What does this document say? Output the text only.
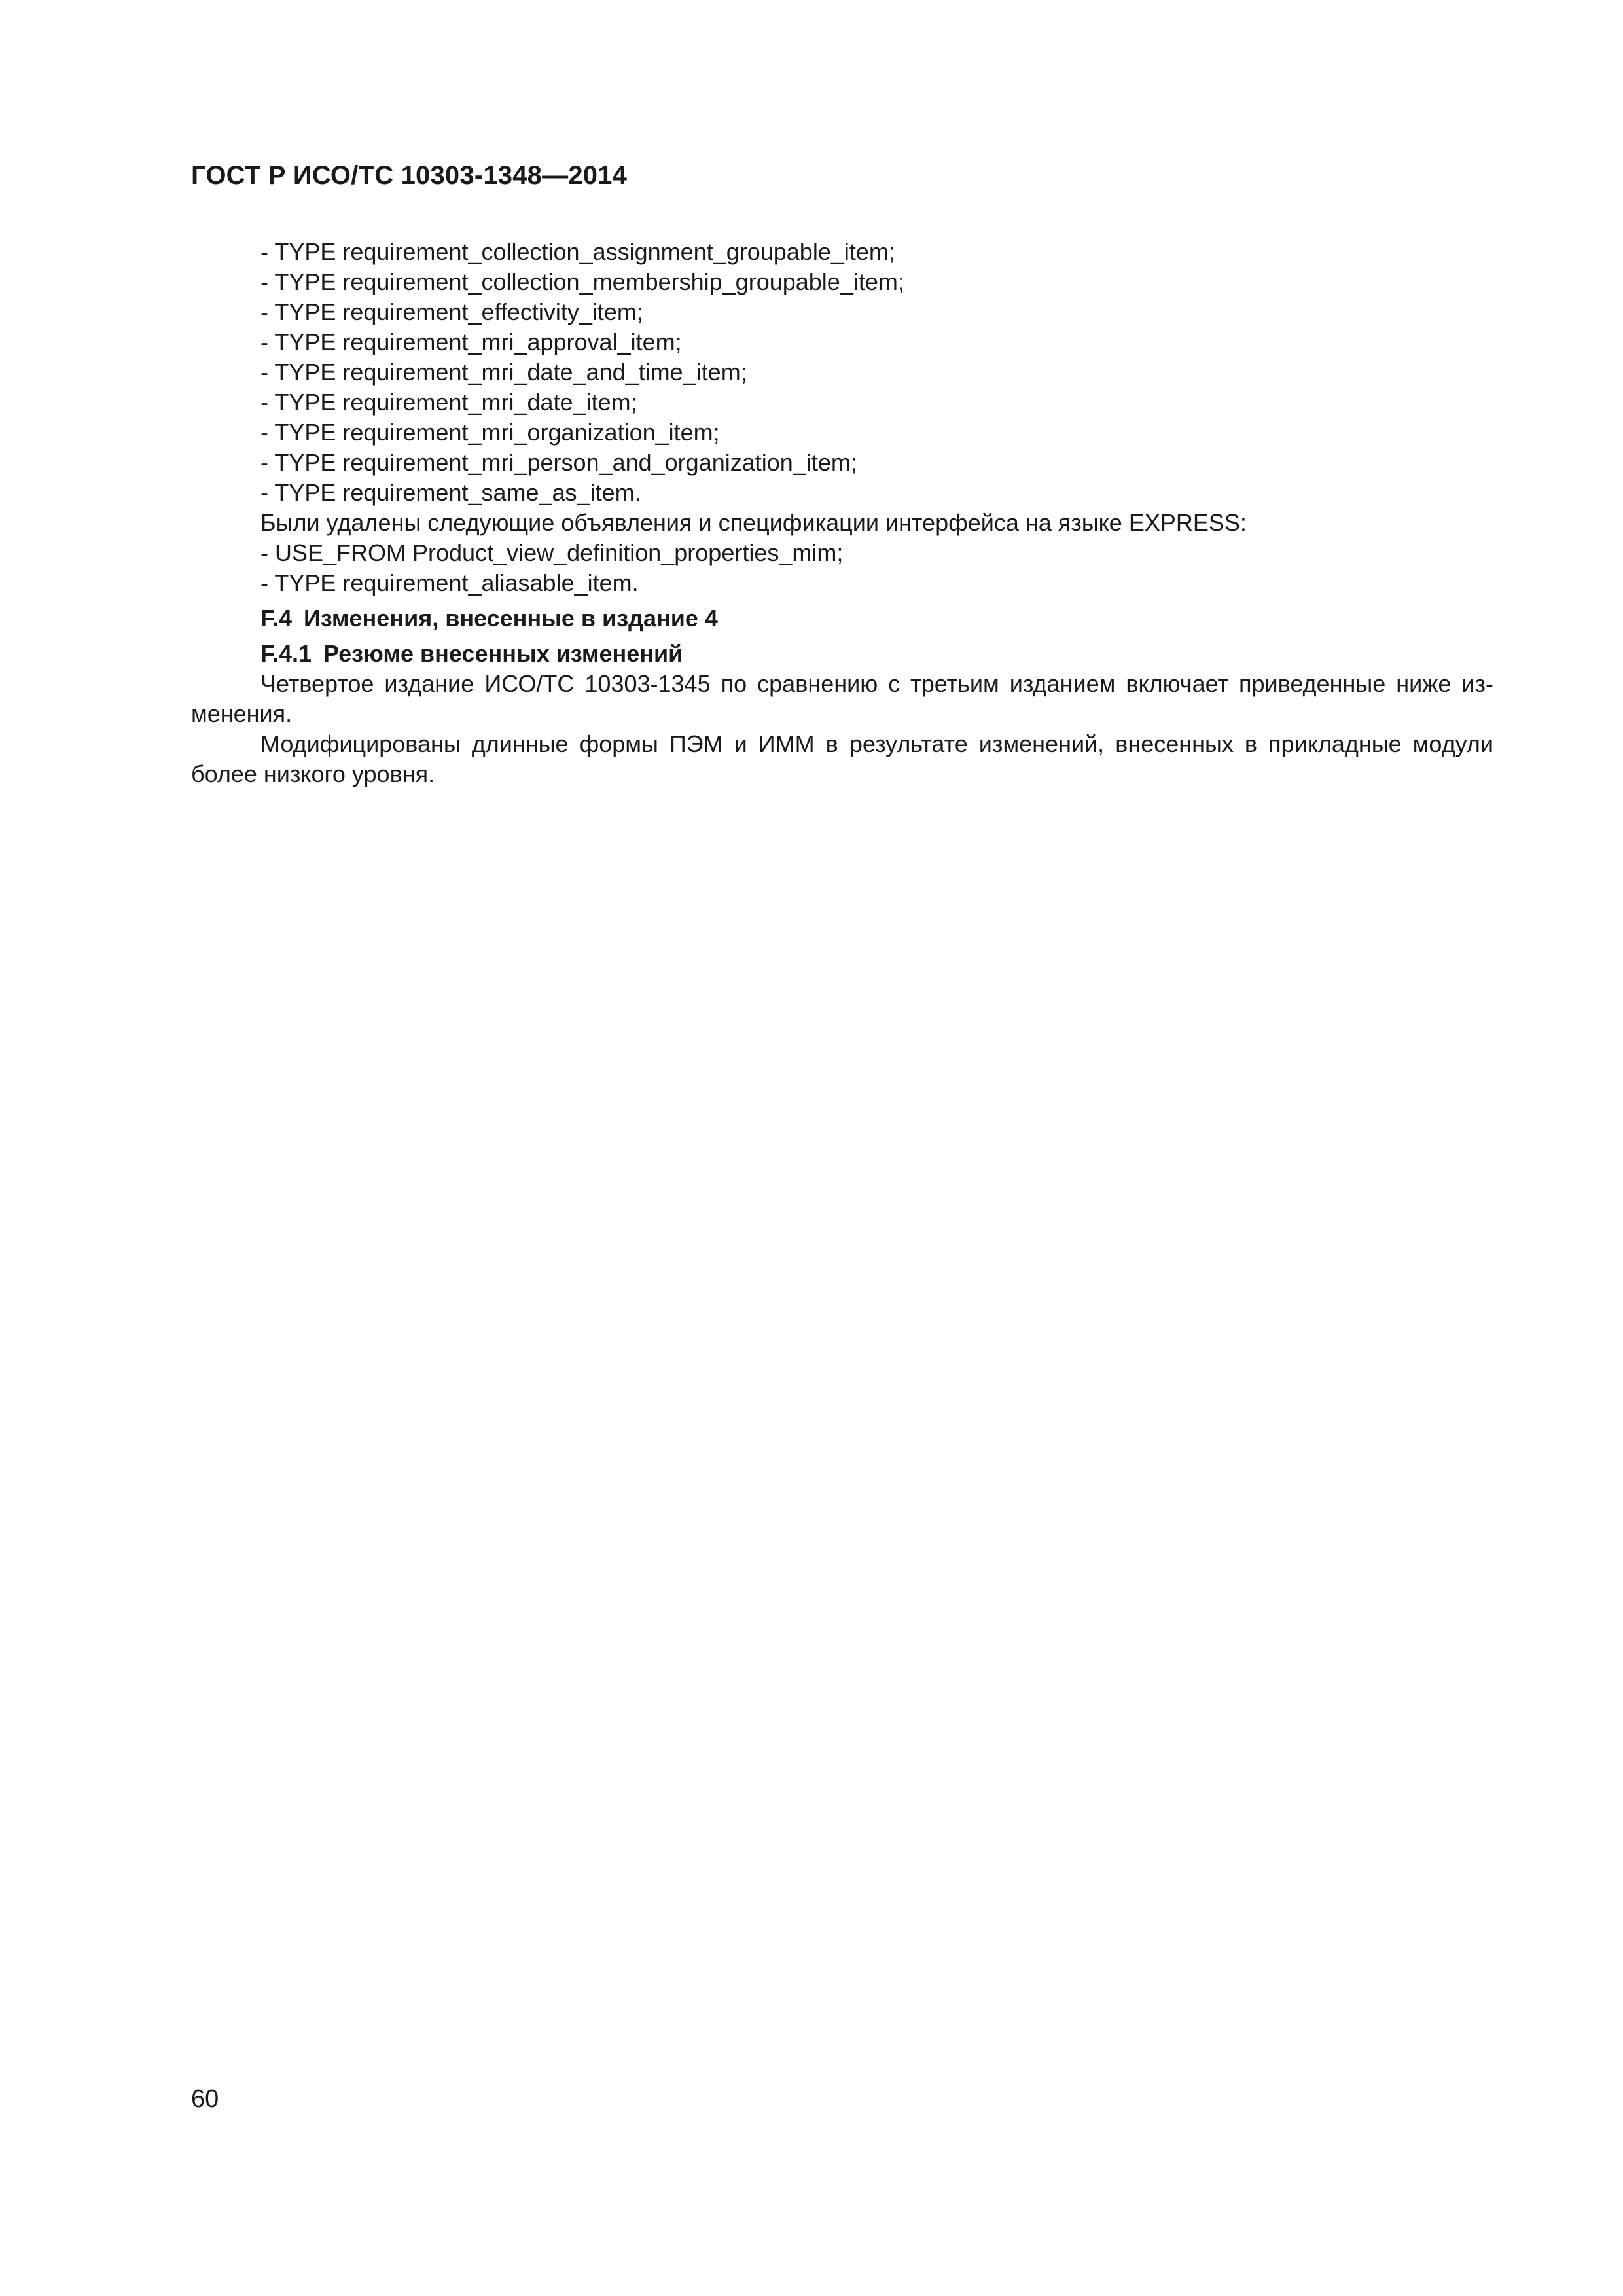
ГОСТ Р ИСО/ТС 10303-1348—2014
- TYPE requirement_collection_assignment_groupable_item;
- TYPE requirement_collection_membership_groupable_item;
- TYPE requirement_effectivity_item;
- TYPE requirement_mri_approval_item;
- TYPE requirement_mri_date_and_time_item;
- TYPE requirement_mri_date_item;
- TYPE requirement_mri_organization_item;
- TYPE requirement_mri_person_and_organization_item;
- TYPE requirement_same_as_item.
Были удалены следующие объявления и спецификации интерфейса на языке EXPRESS:
- USE_FROM Product_view_definition_properties_mim;
- TYPE requirement_aliasable_item.
F.4 Изменения, внесенные в издание 4
F.4.1 Резюме внесенных изменений

Четвертое издание ИСО/ТС 10303-1345 по сравнению с третьим изданием включает приведенные ниже изменения.

Модифицированы длинные формы ПЭМ и ИММ в результате изменений, внесенных в прикладные модули более низкого уровня.

60
